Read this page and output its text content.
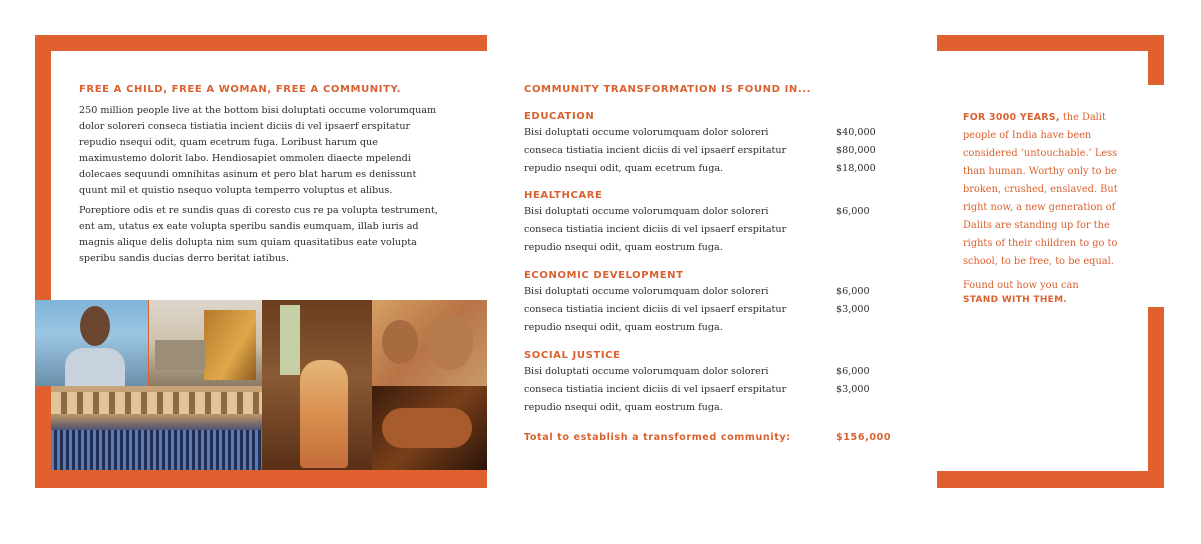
FREE A CHILD, FREE A WOMAN, FREE A COMMUNITY.

250 million people live at the bottom bisi doluptati occume volorumquam dolor soloreri conseca tistiatia incient diciis di vel ipsaerf erspitatur repudio nsequi odit, quam ecetrum fuga. Loribust harum que maximustemo dolorit labo. Hendiosapiet ommolen diaecte mpelendi dolecaes sequundi omnihitas asinum et pero blat harum es denissunt quunt mil et quistio nsequo volupta temperro voluptus et alibus.

Poreptiore odis et re sundis quas di coresto cus re pa volupta testrument, ent am, utatus ex eate volupta speribu sandis eumquam, illab iuris ad magnis alique delis dolupta nim sum quiam quasitatibus eate volupta speribu sandis ducias derro beritat iatibus.

COMMUNITY TRANSFORMATION IS FOUND IN...
EDUCATION
Bisi doluptati occume volorumquam dolor soloreri
conseca tistiatia incient diciis di vel ipsaerf erspitatur
repudio nsequi odit, quam ecetrum fuga.
$40,000
$80,000
$18,000
HEALTHCARE
Bisi doluptati occume volorumquam dolor soloreri
conseca tistiatia incient diciis di vel ipsaerf erspitatur
repudio nsequi odit, quam eostrum fuga.
$6,000
ECONOMIC DEVELOPMENT
Bisi doluptati occume volorumquam dolor soloreri
conseca tistiatia incient diciis di vel ipsaerf erspitatur
repudio nsequi odit, quam eostrum fuga.
$6,000
$3,000
SOCIAL JUSTICE
Bisi doluptati occume volorumquam dolor soloreri
conseca tistiatia incient diciis di vel ipsaerf erspitatur
repudio nsequi odit, quam eostrum fuga.
$6,000
$3,000
Total to establish a transformed community:	$156,000
FOR 3000 YEARS, the Dalit people of India have been considered ‘untouchable.’ Less than human. Worthy only to be broken, crushed, enslaved. But right now, a new generation of Dalits are standing up for the rights of their children to go to school, to be free, to be equal.
Found out how you can
STAND WITH THEM.
